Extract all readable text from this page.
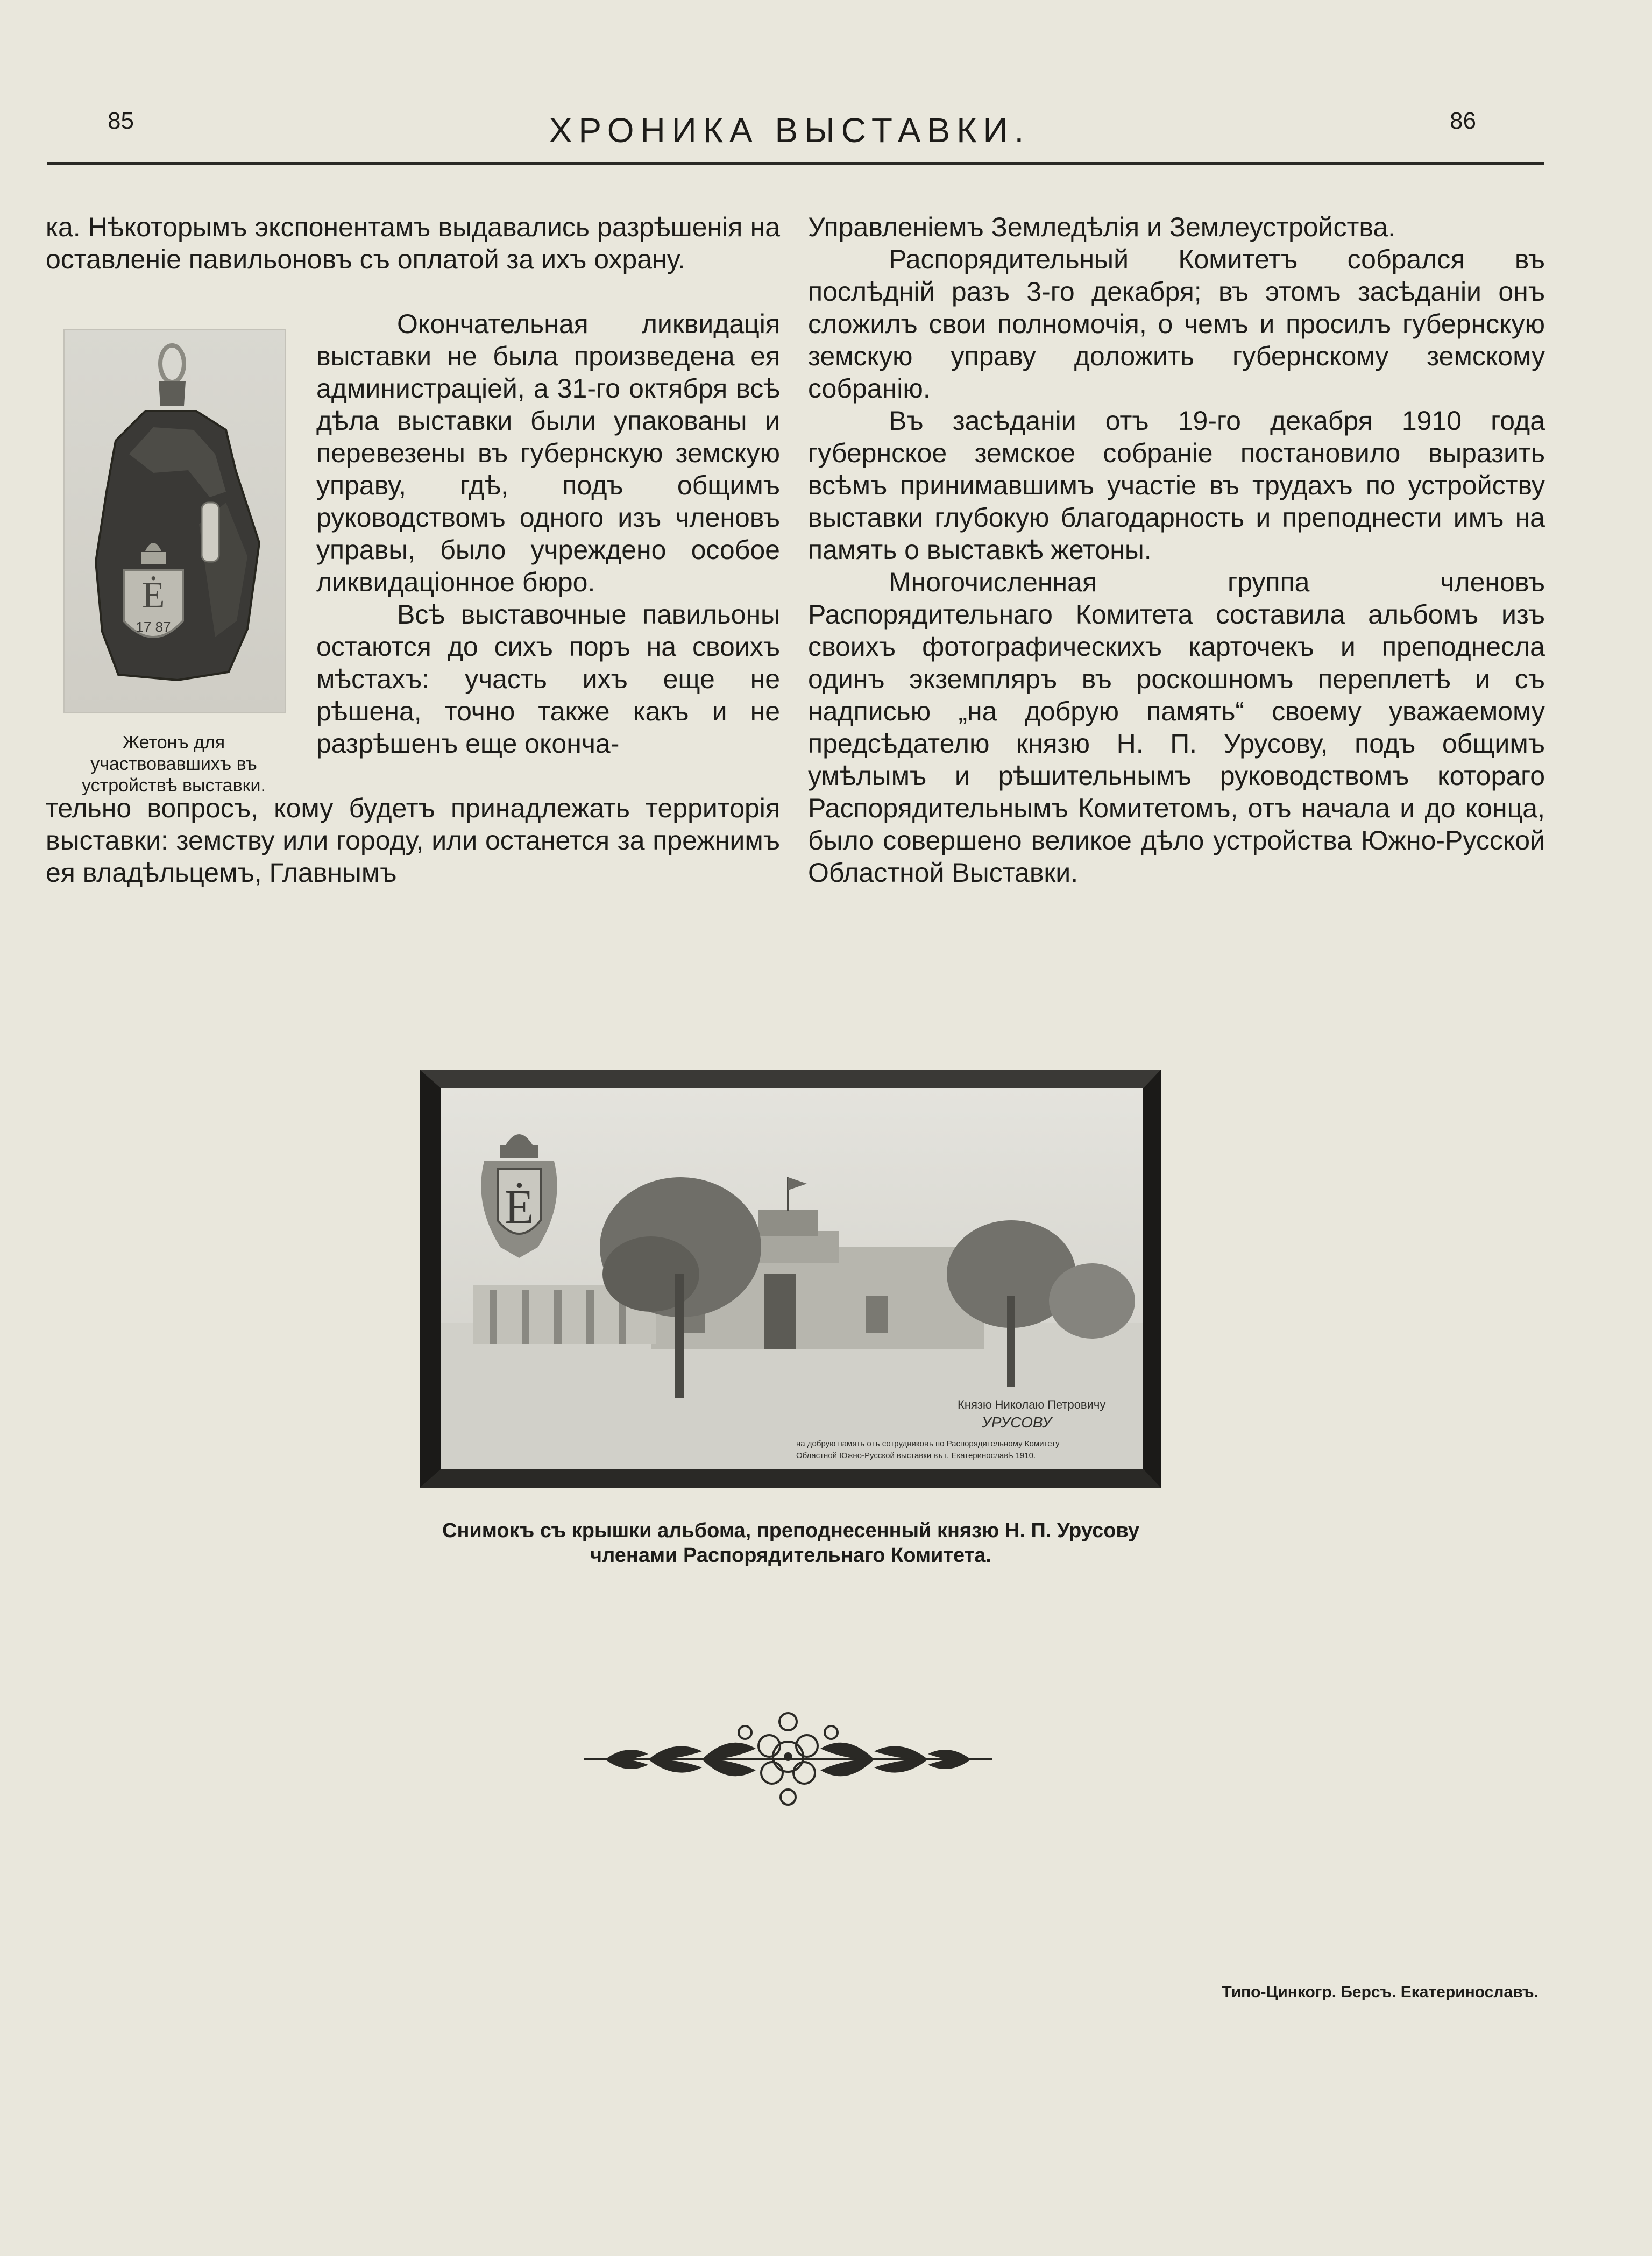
85	ХРОНИКА ВЫСТАВКИ.	86

ка. Нѣкоторымъ экспонентамъ выдавались разрѣшенія на оставленіе павильоновъ съ оплатой за ихъ охрану.

Ė
17 87
Жетонъ для участвовавшихъ въ устройствѣ выставки.

Окончательная ликвидація выставки не была произведена ея администраціей, а 31-го октября всѣ дѣла выставки были упакованы и перевезены въ губернскую земскую управу, гдѣ, подъ общимъ руководствомъ одного изъ членовъ управы, было учреждено особое ликвидаціонное бюро.

Всѣ выставочные павильоны остаются до сихъ поръ на своихъ мѣстахъ: участь ихъ еще не рѣшена, точно также какъ и не разрѣшенъ еще оконча-

тельно вопросъ, кому будетъ принадлежать территорія выставки: земству или городу, или останется за прежнимъ ея владѣльцемъ, Главнымъ

Управленіемъ Земледѣлія и Землеустройства.

Распорядительный Комитетъ собрался въ послѣдній разъ 3-го декабря; въ этомъ засѣданіи онъ сложилъ свои полномочія, о чемъ и просилъ губернскую земскую управу доложить губернскому земскому собранію.

Въ засѣданіи отъ 19-го декабря 1910 года губернское земское собраніе постановило выразить всѣмъ принимавшимъ участіе въ трудахъ по устройству выставки глубокую благодарность и преподнести имъ на память о выставкѣ жетоны.

Многочисленная группа членовъ Распорядительнаго Комитета составила альбомъ изъ своихъ фотографическихъ карточекъ и преподнесла одинъ экземпляръ въ роскошномъ переплетѣ и съ надписью „на добрую память“ своему уважаемому предсѣдателю князю Н. П. Урусову, подъ общимъ умѣлымъ и рѣшительнымъ руководствомъ котораго Распорядительнымъ Комитетомъ, отъ начала и до конца, было совершено великое дѣло устройства Южно-Русской Областной Выставки.

Ė
Князю Николаю Петровичу
УРУСОВУ
на добрую память отъ сотрудниковъ по Распорядительному Комитету
Областной Южно-Русской выставки въ г. Екатеринославѣ 1910.
Снимокъ съ крышки альбома, преподнесенный князю Н. П. Урусову
членами Распорядительнаго Комитета.
Типо-Цинкогр. Берсъ. Екатеринославъ.
